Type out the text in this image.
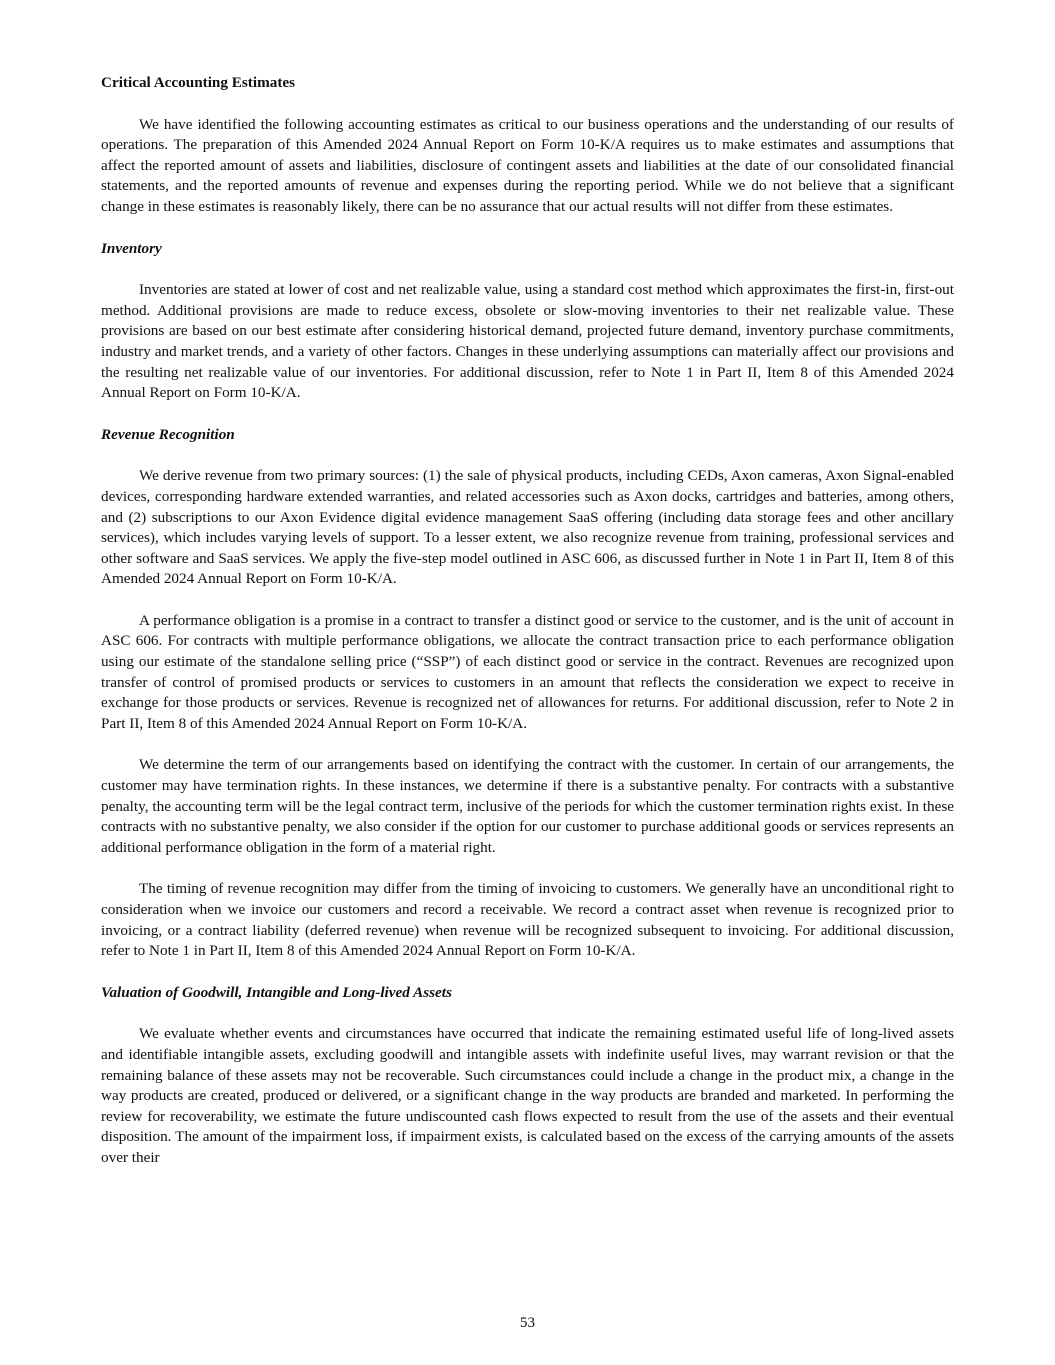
Critical Accounting Estimates

We have identified the following accounting estimates as critical to our business operations and the understanding of our results of operations. The preparation of this Amended 2024 Annual Report on Form 10-K/A requires us to make estimates and assumptions that affect the reported amount of assets and liabilities, disclosure of contingent assets and liabilities at the date of our consolidated financial statements, and the reported amounts of revenue and expenses during the reporting period. While we do not believe that a significant change in these estimates is reasonably likely, there can be no assurance that our actual results will not differ from these estimates.

Inventory

Inventories are stated at lower of cost and net realizable value, using a standard cost method which approximates the first-in, first-out method. Additional provisions are made to reduce excess, obsolete or slow-moving inventories to their net realizable value. These provisions are based on our best estimate after considering historical demand, projected future demand, inventory purchase commitments, industry and market trends, and a variety of other factors. Changes in these underlying assumptions can materially affect our provisions and the resulting net realizable value of our inventories. For additional discussion, refer to Note 1 in Part II, Item 8 of this Amended 2024 Annual Report on Form 10-K/A.

Revenue Recognition

We derive revenue from two primary sources: (1) the sale of physical products, including CEDs, Axon cameras, Axon Signal-enabled devices, corresponding hardware extended warranties, and related accessories such as Axon docks, cartridges and batteries, among others, and (2) subscriptions to our Axon Evidence digital evidence management SaaS offering (including data storage fees and other ancillary services), which includes varying levels of support. To a lesser extent, we also recognize revenue from training, professional services and other software and SaaS services. We apply the five-step model outlined in ASC 606, as discussed further in Note 1 in Part II, Item 8 of this Amended 2024 Annual Report on Form 10-K/A.

A performance obligation is a promise in a contract to transfer a distinct good or service to the customer, and is the unit of account in ASC 606. For contracts with multiple performance obligations, we allocate the contract transaction price to each performance obligation using our estimate of the standalone selling price (“SSP”) of each distinct good or service in the contract. Revenues are recognized upon transfer of control of promised products or services to customers in an amount that reflects the consideration we expect to receive in exchange for those products or services. Revenue is recognized net of allowances for returns. For additional discussion, refer to Note 2 in Part II, Item 8 of this Amended 2024 Annual Report on Form 10-K/A.

We determine the term of our arrangements based on identifying the contract with the customer. In certain of our arrangements, the customer may have termination rights. In these instances, we determine if there is a substantive penalty. For contracts with a substantive penalty, the accounting term will be the legal contract term, inclusive of the periods for which the customer termination rights exist. In these contracts with no substantive penalty, we also consider if the option for our customer to purchase additional goods or services represents an additional performance obligation in the form of a material right.

The timing of revenue recognition may differ from the timing of invoicing to customers. We generally have an unconditional right to consideration when we invoice our customers and record a receivable. We record a contract asset when revenue is recognized prior to invoicing, or a contract liability (deferred revenue) when revenue will be recognized subsequent to invoicing. For additional discussion, refer to Note 1 in Part II, Item 8 of this Amended 2024 Annual Report on Form 10-K/A.

Valuation of Goodwill, Intangible and Long-lived Assets

We evaluate whether events and circumstances have occurred that indicate the remaining estimated useful life of long-lived assets and identifiable intangible assets, excluding goodwill and intangible assets with indefinite useful lives, may warrant revision or that the remaining balance of these assets may not be recoverable. Such circumstances could include a change in the product mix, a change in the way products are created, produced or delivered, or a significant change in the way products are branded and marketed. In performing the review for recoverability, we estimate the future undiscounted cash flows expected to result from the use of the assets and their eventual disposition. The amount of the impairment loss, if impairment exists, is calculated based on the excess of the carrying amounts of the assets over their

53
